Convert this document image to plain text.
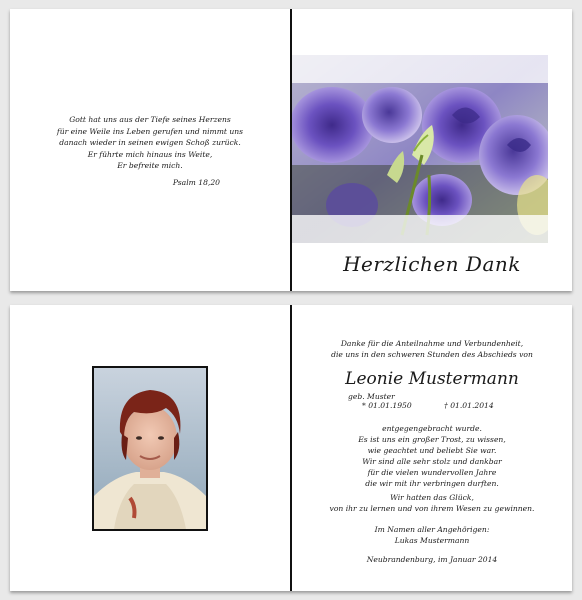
Gott hat uns aus der Tiefe seines Herzens
für eine Weile ins Leben gerufen und nimmt uns
danach wieder in seinen ewigen Schoß zurück.
Er führte mich hinaus ins Weite,
Er befreite mich.
Psalm 18,20
Herzlichen Dank
Danke für die Anteilnahme und Verbundenheit,
die uns in den schweren Stunden des Abschieds von
Leonie Mustermann
geb. Muster
* 01.01.1950	† 01.01.2014
entgegengebracht wurde.
Es ist uns ein großer Trost, zu wissen,
wie geachtet und beliebt Sie war.
Wir sind alle sehr stolz und dankbar
für die vielen wundervollen Jahre
die wir mit ihr verbringen durften.
Wir hatten das Glück,
von ihr zu lernen und von ihrem Wesen zu gewinnen.
Im Namen aller Angehörigen:
Lukas Mustermann
Neubrandenburg, im Januar 2014
